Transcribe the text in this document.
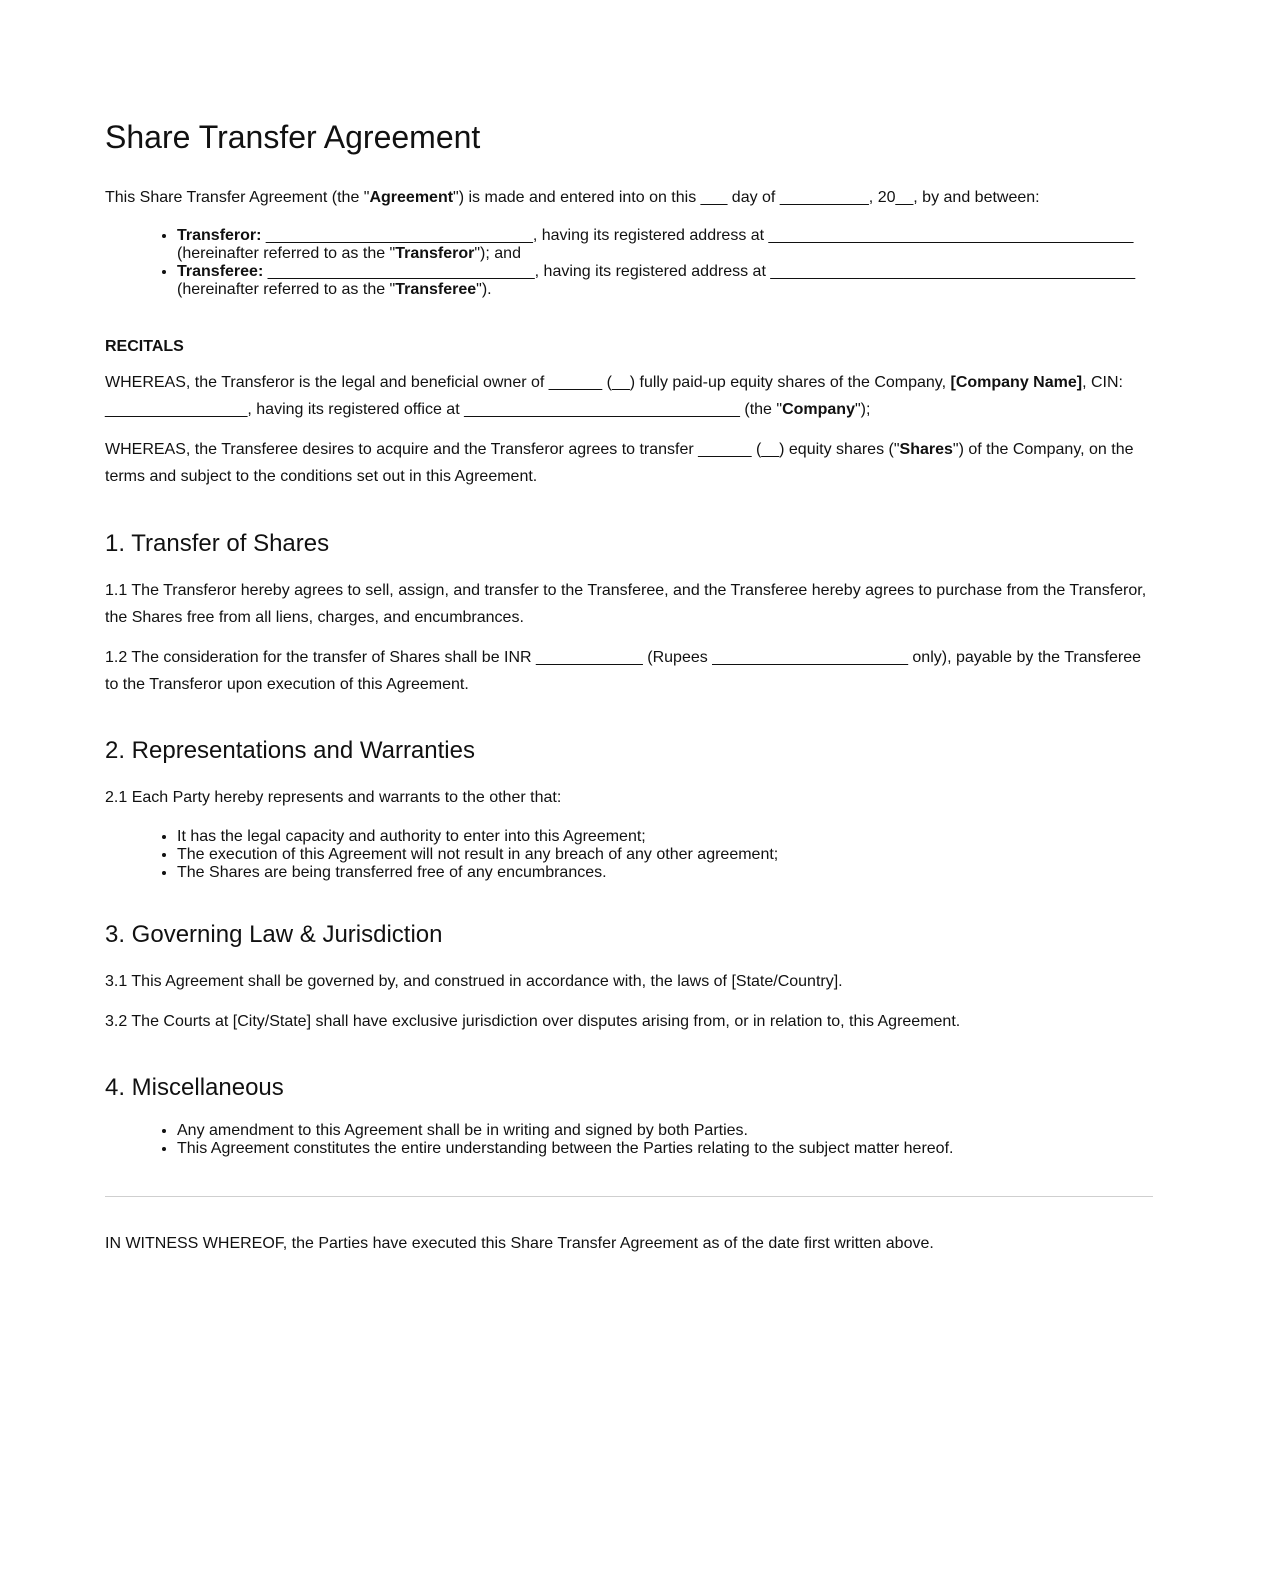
Share Transfer Agreement

This Share Transfer Agreement (the "Agreement") is made and entered into on this ___ day of __________, 20__, by and between:

• Transferor: ______________________________, having its registered address at _________________________________________
(hereinafter referred to as the "Transferor"); and
• Transferee: ______________________________, having its registered address at _________________________________________
(hereinafter referred to as the "Transferee").
RECITALS

WHEREAS, the Transferor is the legal and beneficial owner of ______ (__) fully paid-up equity shares of the Company, [Company Name], CIN: ________________, having its registered office at _______________________________ (the "Company");

WHEREAS, the Transferee desires to acquire and the Transferor agrees to transfer ______ (__) equity shares ("Shares") of the Company, on the terms and subject to the conditions set out in this Agreement.

1. Transfer of Shares

1.1 The Transferor hereby agrees to sell, assign, and transfer to the Transferee, and the Transferee hereby agrees to purchase from the Transferor, the Shares free from all liens, charges, and encumbrances.

1.2 The consideration for the transfer of Shares shall be INR ____________ (Rupees ______________________ only), payable by the Transferee to the Transferor upon execution of this Agreement.

2. Representations and Warranties

2.1 Each Party hereby represents and warrants to the other that:

• It has the legal capacity and authority to enter into this Agreement;
• The execution of this Agreement will not result in any breach of any other agreement;
• The Shares are being transferred free of any encumbrances.
3. Governing Law & Jurisdiction

3.1 This Agreement shall be governed by, and construed in accordance with, the laws of [State/Country].

3.2 The Courts at [City/State] shall have exclusive jurisdiction over disputes arising from, or in relation to, this Agreement.

4. Miscellaneous
• Any amendment to this Agreement shall be in writing and signed by both Parties.
• This Agreement constitutes the entire understanding between the Parties relating to the subject matter hereof.

IN WITNESS WHEREOF, the Parties have executed this Share Transfer Agreement as of the date first written above.
